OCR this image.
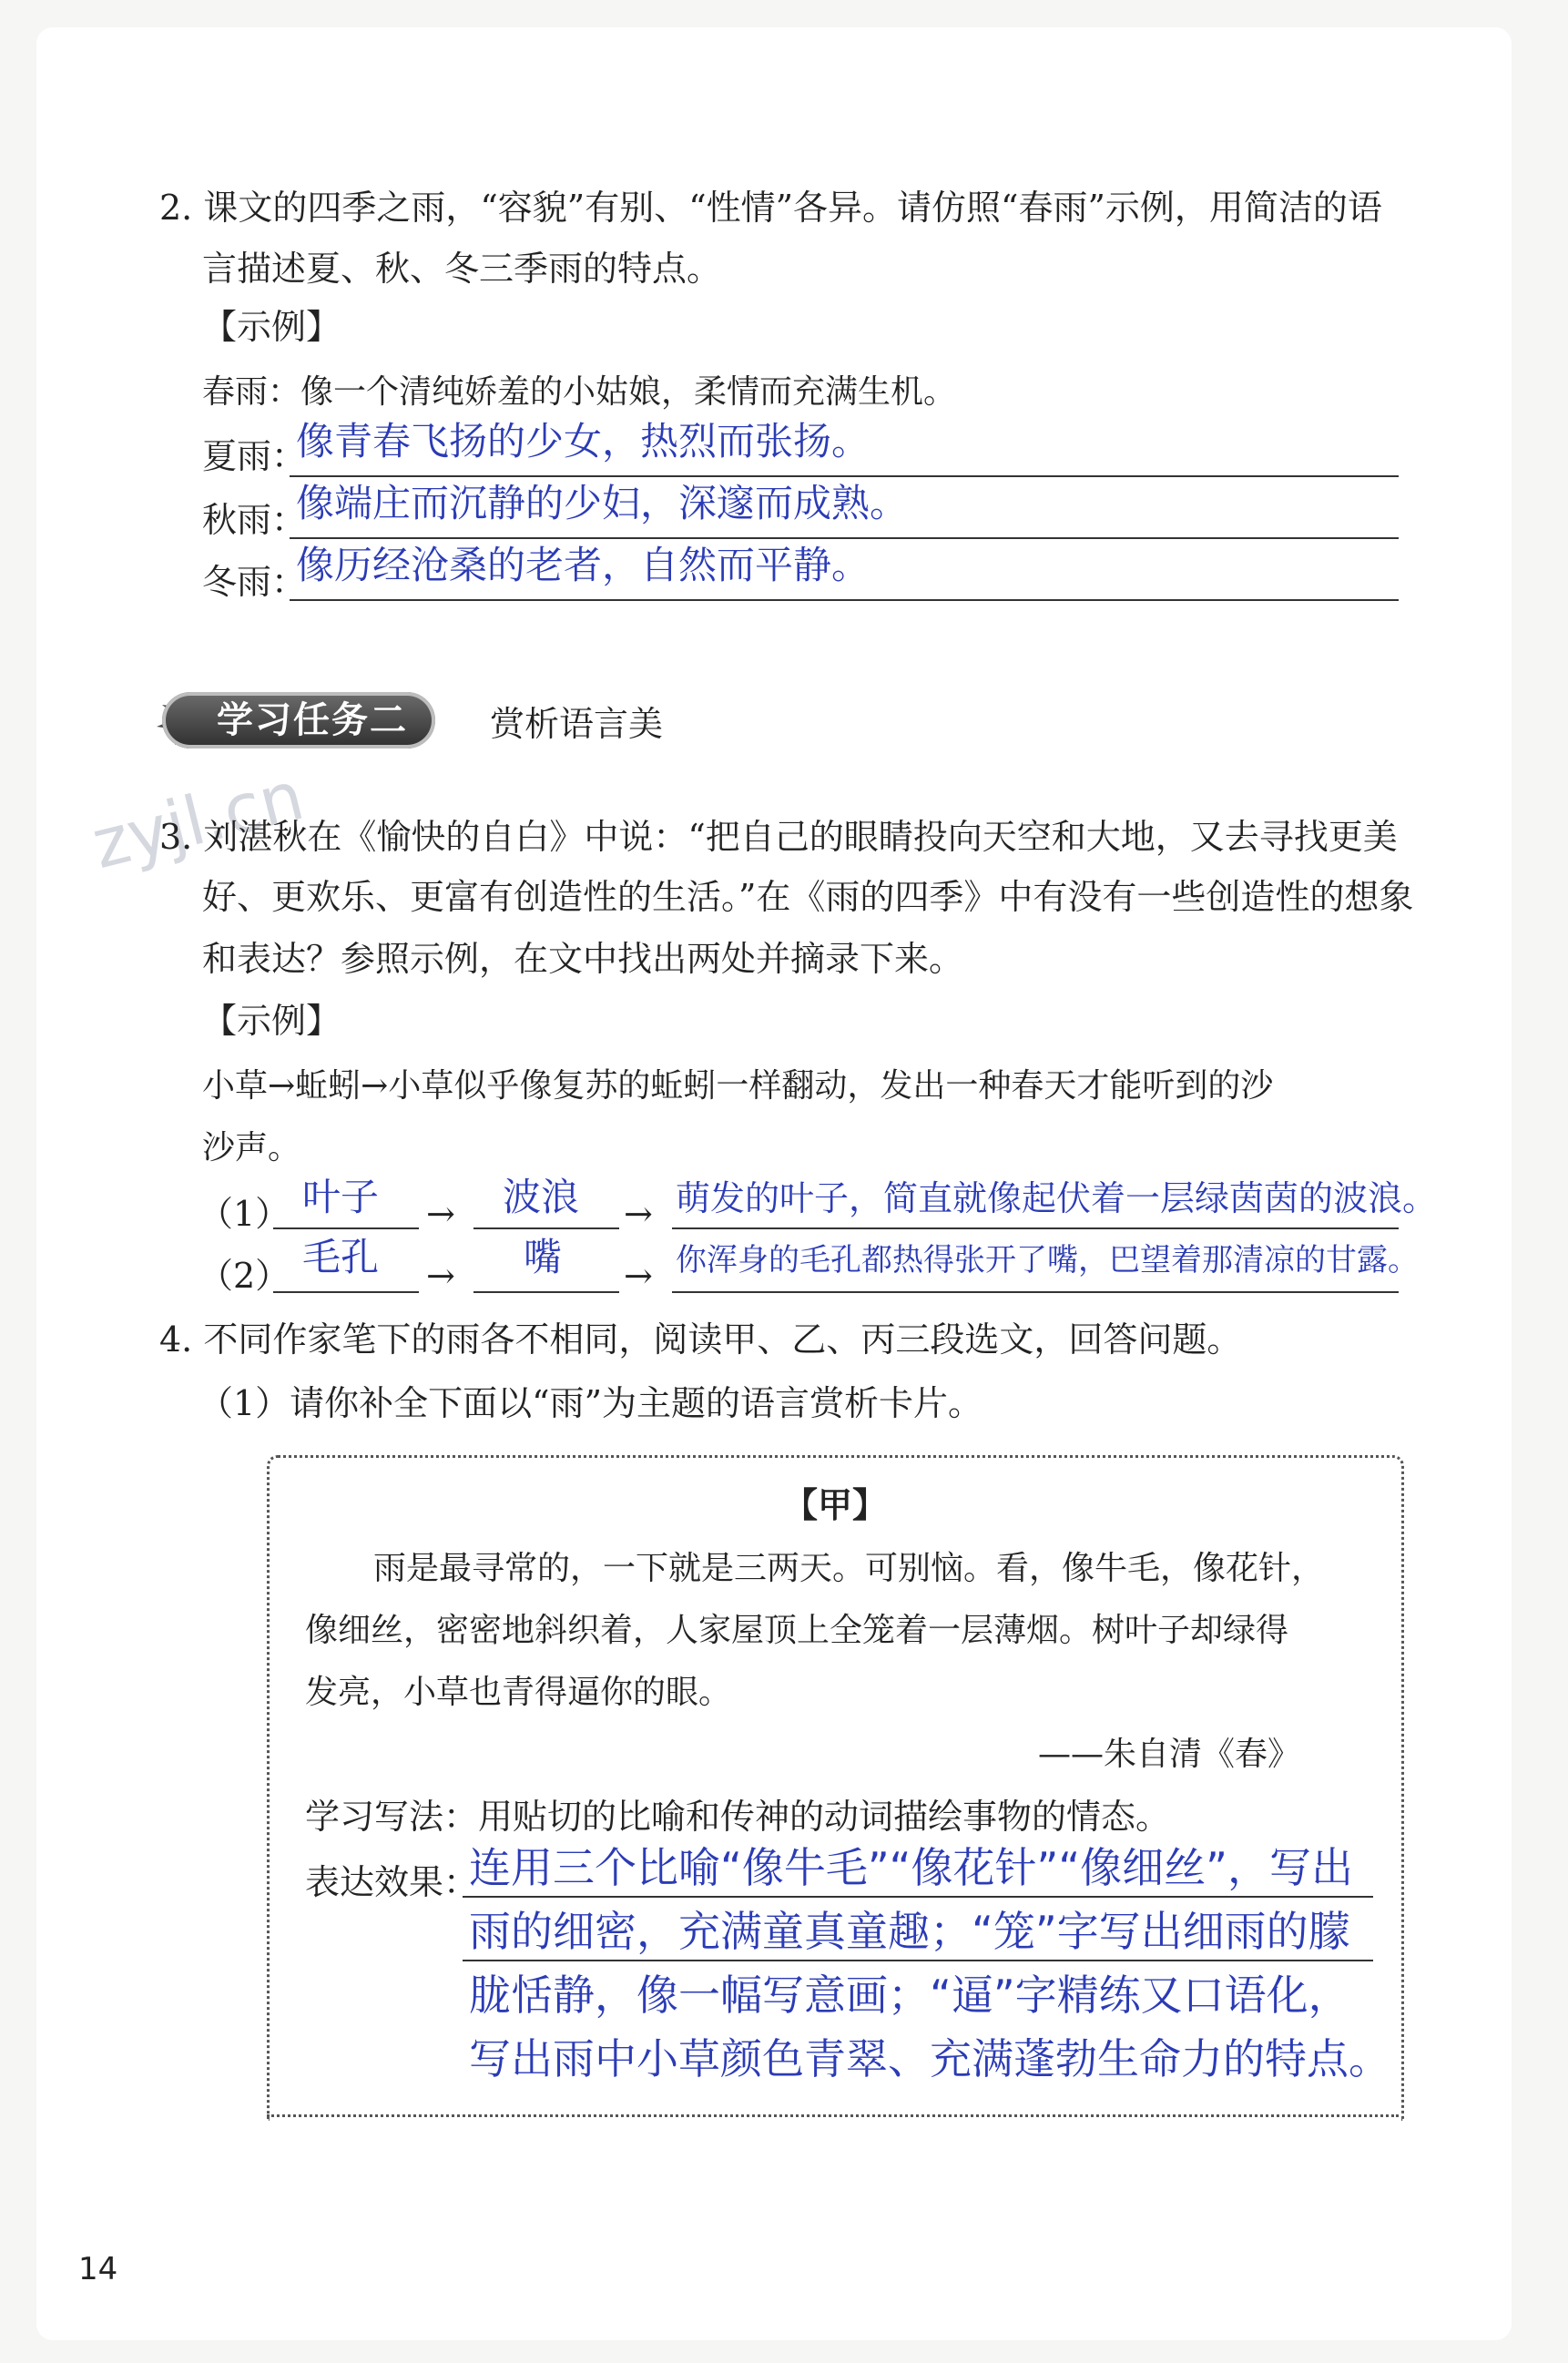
zyjl.cn
2. 课文的四季之雨，“容貌”有别、“性情”各异。请仿照“春雨”示例，用简洁的语
言描述夏、秋、冬三季雨的特点。
【示例】
春雨：像一个清纯娇羞的小姑娘，柔情而充满生机。
夏雨：
像青春飞扬的少女，热烈而张扬。
秋雨：
像端庄而沉静的少妇，深邃而成熟。
冬雨：
像历经沧桑的老者，自然而平静。
学习任务二 赏析语言美
3. 刘湛秋在《愉快的自白》中说：“把自己的眼睛投向天空和大地，又去寻找更美
好、更欢乐、更富有创造性的生活。”在《雨的四季》中有没有一些创造性的想象
和表达？参照示例，在文中找出两处并摘录下来。
【示例】
小草→蚯蚓→小草似乎像复苏的蚯蚓一样翻动，发出一种春天才能听到的沙
沙声。
（1） 叶子 → 波浪 → 萌发的叶子，简直就像起伏着一层绿茵茵的波浪。
（2） 毛孔 → 嘴 → 你浑身的毛孔都热得张开了嘴，巴望着那清凉的甘露。
4. 不同作家笔下的雨各不相同，阅读甲、乙、丙三段选文，回答问题。
（1）请你补全下面以“雨”为主题的语言赏析卡片。
【甲】
雨是最寻常的，一下就是三两天。可别恼。看，像牛毛，像花针，
像细丝，密密地斜织着，人家屋顶上全笼着一层薄烟。树叶子却绿得
发亮，小草也青得逼你的眼。
——朱自清《春》
学习写法：用贴切的比喻和传神的动词描绘事物的情态。
表达效果：
连用三个比喻“像牛毛”“像花针”“像细丝”，写出
雨的细密，充满童真童趣；“笼”字写出细雨的朦
胧恬静，像一幅写意画；“逼”字精练又口语化，
写出雨中小草颜色青翠、充满蓬勃生命力的特点。
14
